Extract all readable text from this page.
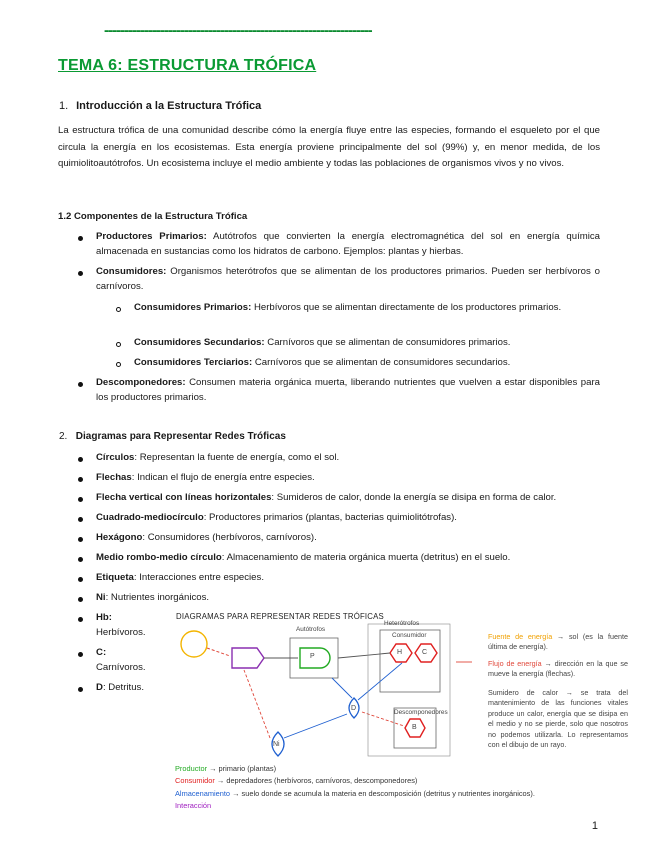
-------------------------------------------------------------------
TEMA 6: ESTRUCTURA TRÓFICA
1. Introducción a la Estructura Trófica
La estructura trófica de una comunidad describe cómo la energía fluye entre las especies, formando el esqueleto por el que circula la energía en los ecosistemas. Esta energía proviene principalmente del sol (99%) y, en menor medida, de los quimiolitoautótrofos. Un ecosistema incluye el medio ambiente y todas las poblaciones de organismos vivos y no vivos.
1.2 Componentes de la Estructura Trófica
Productores Primarios: Autótrofos que convierten la energía electromagnética del sol en energía química almacenada en sustancias como los hidratos de carbono. Ejemplos: plantas y hierbas.
Consumidores: Organismos heterótrofos que se alimentan de los productores primarios. Pueden ser herbívoros o carnívoros.
Consumidores Primarios: Herbívoros que se alimentan directamente de los productores primarios.
Consumidores Secundarios: Carnívoros que se alimentan de consumidores primarios.
Consumidores Terciarios: Carnívoros que se alimentan de consumidores secundarios.
Descomponedores: Consumen materia orgánica muerta, liberando nutrientes que vuelven a estar disponibles para los productores primarios.
2. Diagramas para Representar Redes Tróficas
Círculos: Representan la fuente de energía, como el sol.
Flechas: Indican el flujo de energía entre especies.
Flecha vertical con líneas horizontales: Sumideros de calor, donde la energía se disipa en forma de calor.
Cuadrado-mediocírculo: Productores primarios (plantas, bacterias quimiolitótrofas).
Hexágono: Consumidores (herbívoros, carnívoros).
Medio rombo-medio círculo: Almacenamiento de materia orgánica muerta (detritus) en el suelo.
Etiqueta: Interacciones entre especies.
Ni: Nutrientes inorgánicos.
Hb:
Herbívoros.
C:
Carnívoros.
D: Detritus.
DIAGRAMAS PARA REPRESENTAR REDES TRÓFICAS
Autótrofos
Heterótrofos
Consumidor
Descomponedores
P
H	C
D
B
Ni
Fuente de energía → sol (es la fuente última de energía).
Flujo de energía → dirección en la que se mueve la energía (flechas).
Sumidero de calor → se trata del mantenimiento de las funciones vitales produce un calor, energía que se disipa en el medio y no se pierde, solo que nosotros no podemos utilizarla. Lo representamos con el dibujo de un rayo.
Productor → primario (plantas)
Consumidor → depredadores (herbívoros, carnívoros, descomponedores)
Almacenamiento → suelo donde se acumula la materia en descomposición (detritus y nutrientes inorgánicos).
Interacción
1
